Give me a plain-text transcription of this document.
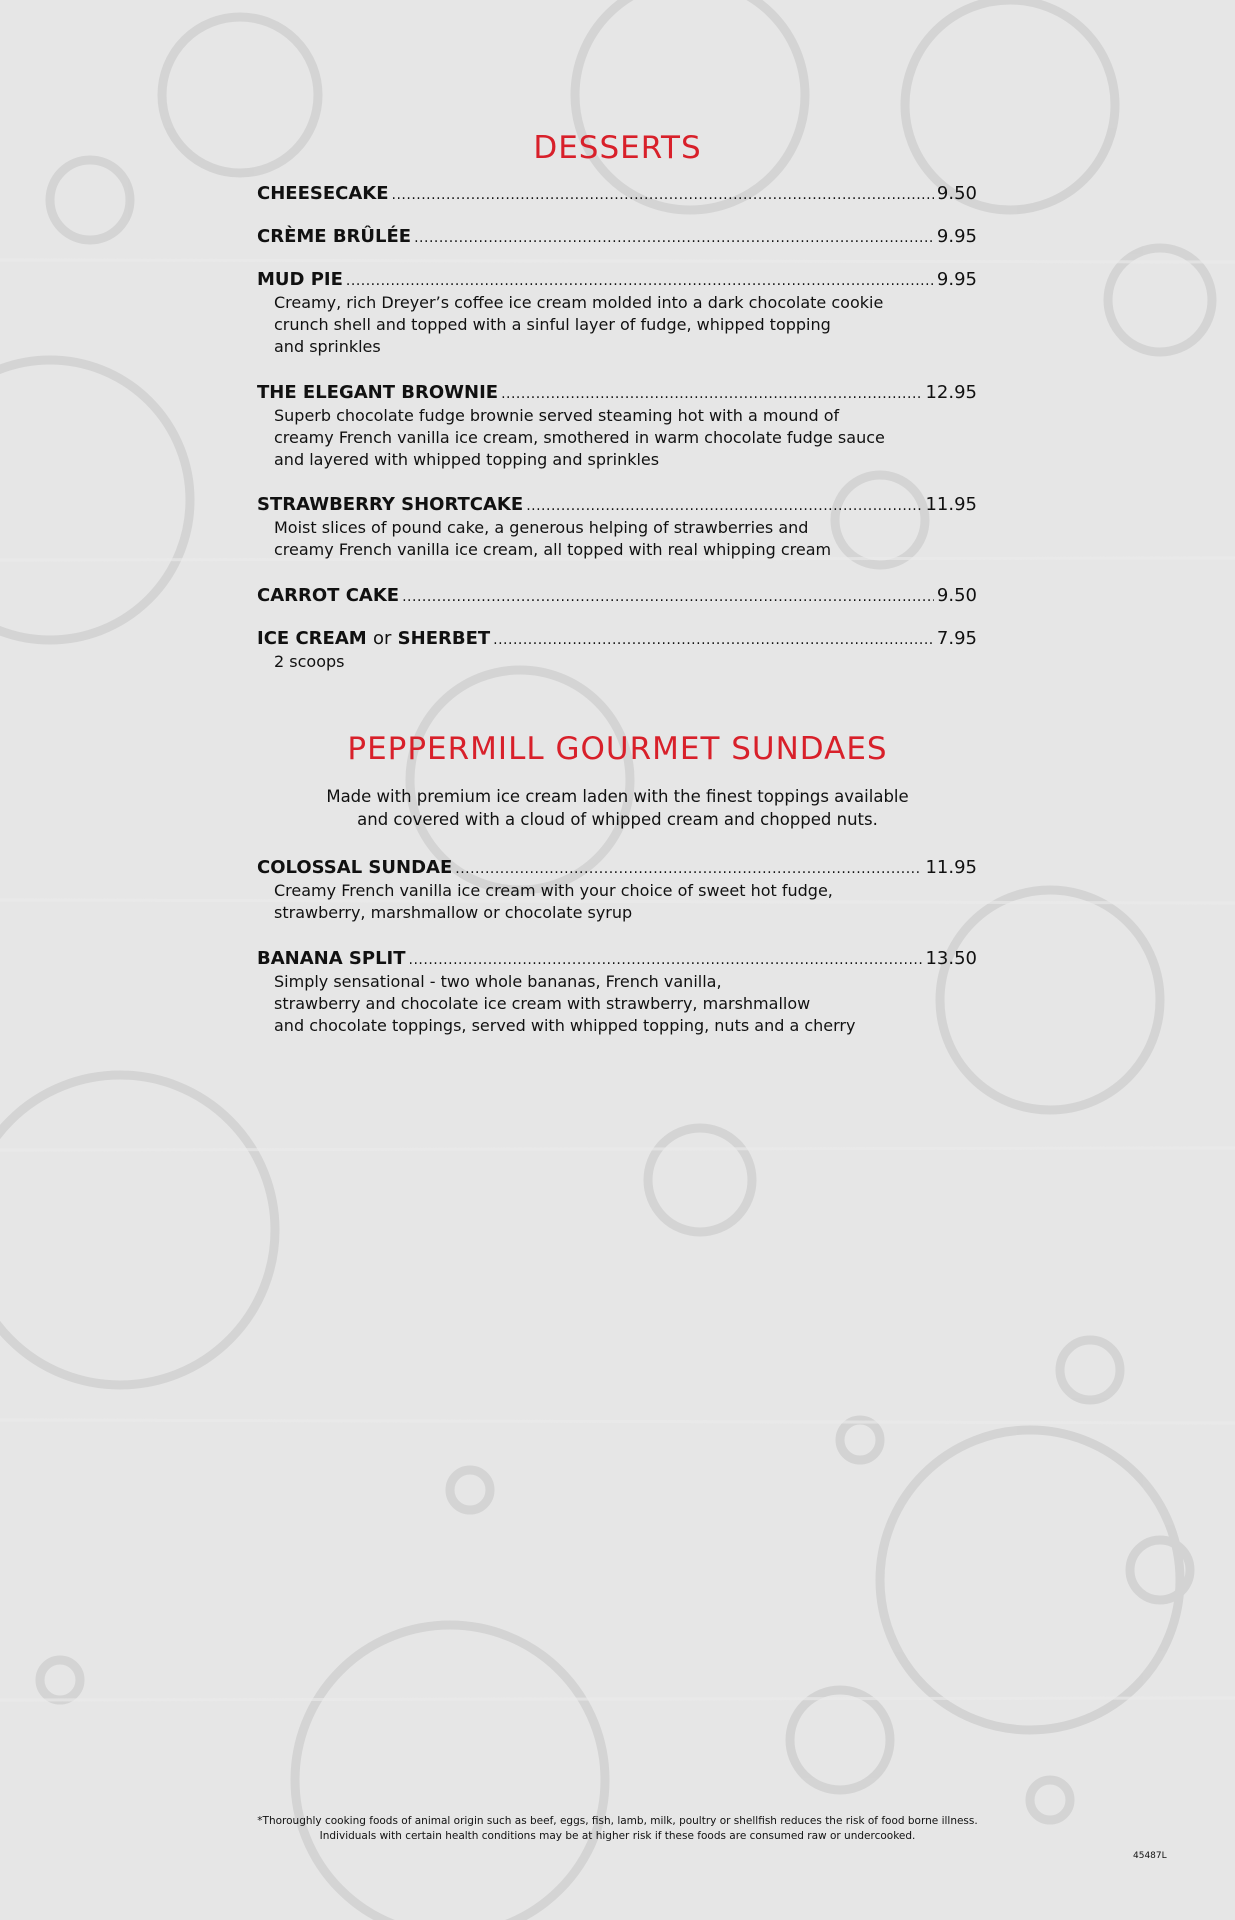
DESSERTS
CHEESECAKE .....	9.50
CRÈME BRÛLÉE .....	9.95
MUD PIE .....	9.95
Creamy, rich Dreyer’s coffee ice cream molded into a dark chocolate cookie
crunch shell and topped with a sinful layer of fudge, whipped topping
and sprinkles
THE ELEGANT BROWNIE .....	12.95
Superb chocolate fudge brownie served steaming hot with a mound of
creamy French vanilla ice cream, smothered in warm chocolate fudge sauce
and layered with whipped topping and sprinkles
STRAWBERRY SHORTCAKE .....	11.95
Moist slices of pound cake, a generous helping of strawberries and
creamy French vanilla ice cream, all topped with real whipping cream
CARROT CAKE .....	9.50
ICE CREAM or SHERBET .....	7.95
2 scoops
PEPPERMILL GOURMET SUNDAES
Made with premium ice cream laden with the finest toppings available
and covered with a cloud of whipped cream and chopped nuts.
COLOSSAL SUNDAE .....	11.95
Creamy French vanilla ice cream with your choice of sweet hot fudge,
strawberry, marshmallow or chocolate syrup
BANANA SPLIT .....	13.50
Simply sensational - two whole bananas, French vanilla,
strawberry and chocolate ice cream with strawberry, marshmallow
and chocolate toppings, served with whipped topping, nuts and a cherry
*Thoroughly cooking foods of animal origin such as beef, eggs, fish, lamb, milk, poultry or shellfish reduces the risk of food borne illness.
Individuals with certain health conditions may be at higher risk if these foods are consumed raw or undercooked.
45487L
